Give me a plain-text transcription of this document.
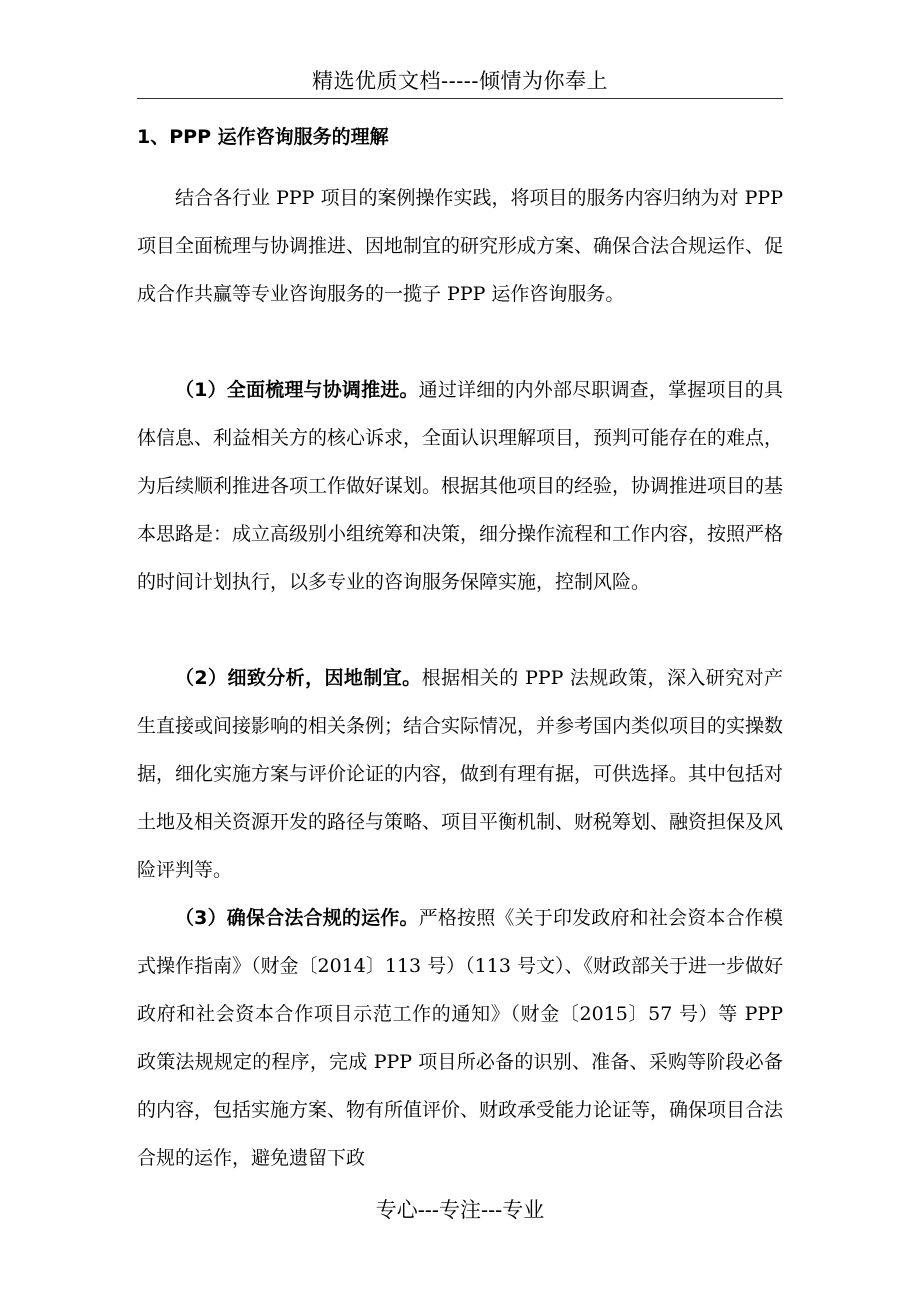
精选优质文档-----倾情为你奉上
1、PPP 运作咨询服务的理解

结合各行业 PPP 项目的案例操作实践，将项目的服务内容归纳为对 PPP 项目全面梳理与协调推进、因地制宜的研究形成方案、确保合法合规运作、促成合作共赢等专业咨询服务的一揽子 PPP 运作咨询服务。

（1）全面梳理与协调推进。通过详细的内外部尽职调查，掌握项目的具体信息、利益相关方的核心诉求，全面认识理解项目，预判可能存在的难点，为后续顺利推进各项工作做好谋划。根据其他项目的经验，协调推进项目的基本思路是：成立高级别小组统筹和决策，细分操作流程和工作内容，按照严格的时间计划执行，以多专业的咨询服务保障实施，控制风险。

（2）细致分析，因地制宜。根据相关的 PPP 法规政策，深入研究对产生直接或间接影响的相关条例；结合实际情况，并参考国内类似项目的实操数据，细化实施方案与评价论证的内容，做到有理有据，可供选择。其中包括对土地及相关资源开发的路径与策略、项目平衡机制、财税筹划、融资担保及风险评判等。

（3）确保合法合规的运作。严格按照《关于印发政府和社会资本合作模式操作指南》（财金〔2014〕113 号）（113 号文）、《财政部关于进一步做好政府和社会资本合作项目示范工作的通知》（财金〔2015〕57 号）等 PPP 政策法规规定的程序，完成 PPP 项目所必备的识别、准备、采购等阶段必备的内容，包括实施方案、物有所值评价、财政承受能力论证等，确保项目合法合规的运作，避免遗留下政

专心---专注---专业
